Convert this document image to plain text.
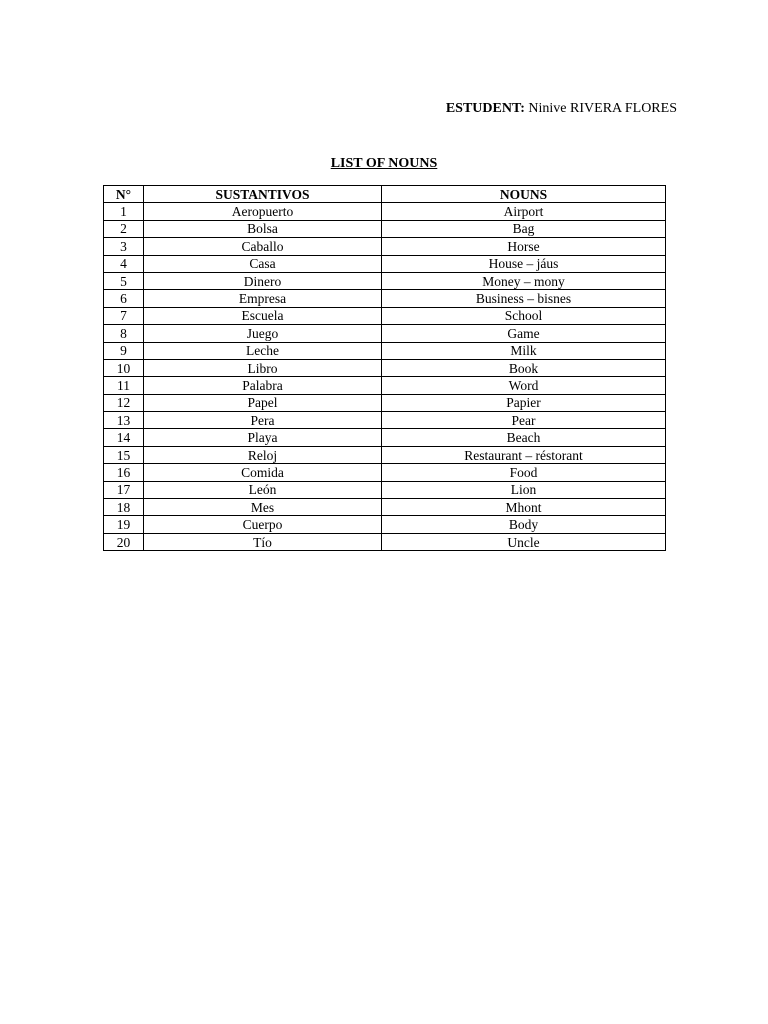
ESTUDENT: Ninive RIVERA FLORES
LIST OF NOUNS
N°	SUSTANTIVOS	NOUNS
1	Aeropuerto	Airport
2	Bolsa	Bag
3	Caballo	Horse
4	Casa	House – jáus
5	Dinero	Money – mony
6	Empresa	Business – bisnes
7	Escuela	School
8	Juego	Game
9	Leche	Milk
10	Libro	Book
11	Palabra	Word
12	Papel	Papier
13	Pera	Pear
14	Playa	Beach
15	Reloj	Restaurant – réstorant
16	Comida	Food
17	León	Lion
18	Mes	Mhont
19	Cuerpo	Body
20	Tío	Uncle
